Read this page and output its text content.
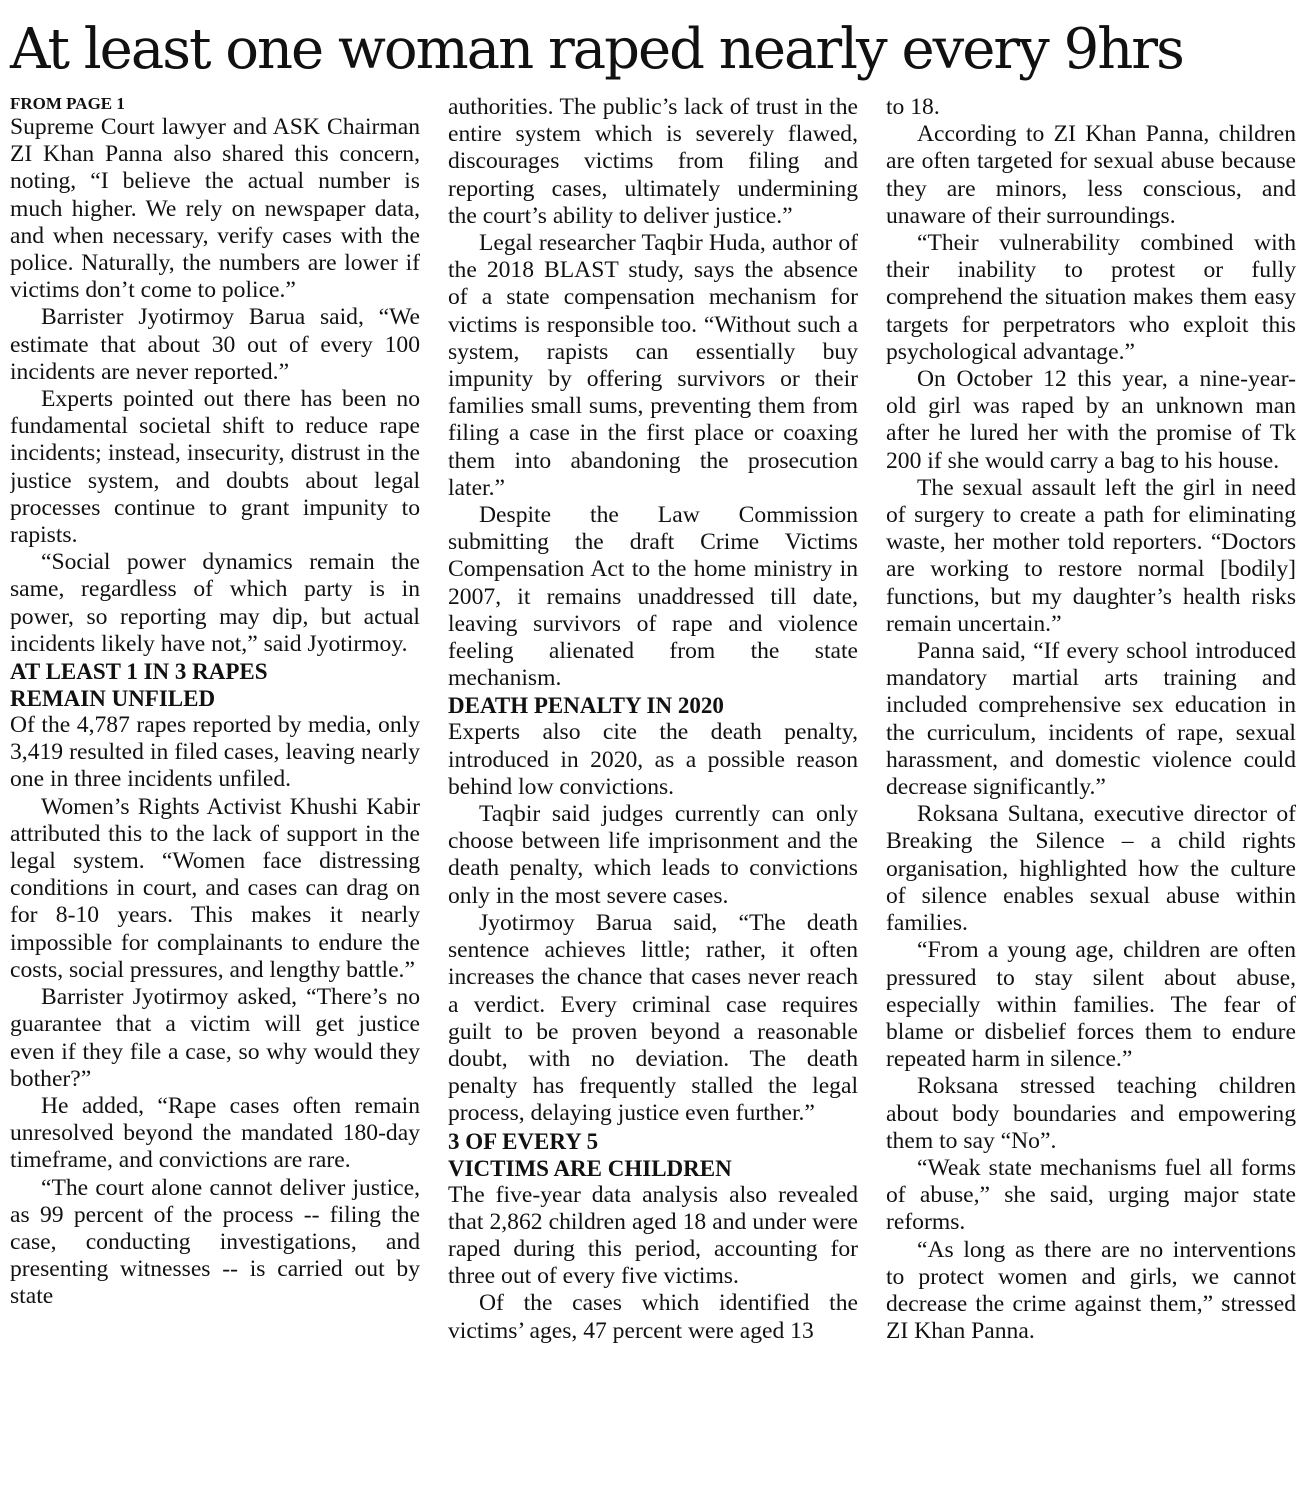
At least one woman raped nearly every 9hrs
FROM PAGE 1

Supreme Court lawyer and ASK Chairman ZI Khan Panna also shared this concern, noting, “I believe the actual number is much higher. We rely on newspaper data, and when necessary, verify cases with the police. Naturally, the numbers are lower if victims don’t come to police.”

Barrister Jyotirmoy Barua said, “We estimate that about 30 out of every 100 incidents are never reported.”

Experts pointed out there has been no fundamental societal shift to reduce rape incidents; instead, insecurity, distrust in the justice system, and doubts about legal processes continue to grant impunity to rapists.

“Social power dynamics remain the same, regardless of which party is in power, so reporting may dip, but actual incidents likely have not,” said Jyotirmoy.

AT LEAST 1 IN 3 RAPES
REMAIN UNFILED

Of the 4,787 rapes reported by media, only 3,419 resulted in filed cases, leaving nearly one in three incidents unfiled.

Women’s Rights Activist Khushi Kabir attributed this to the lack of support in the legal system. “Women face distressing conditions in court, and cases can drag on for 8-10 years. This makes it nearly impossible for complainants to endure the costs, social pressures, and lengthy battle.”

Barrister Jyotirmoy asked, “There’s no guarantee that a victim will get justice even if they file a case, so why would they bother?”

He added, “Rape cases often remain unresolved beyond the mandated 180-day timeframe, and convictions are rare.

“The court alone cannot deliver justice, as 99 percent of the process -- filing the case, conducting investigations, and presenting witnesses -- is carried out by state

authorities. The public’s lack of trust in the entire system which is severely flawed, discourages victims from filing and reporting cases, ultimately undermining the court’s ability to deliver justice.”

Legal researcher Taqbir Huda, author of the 2018 BLAST study, says the absence of a state compensation mechanism for victims is responsible too. “Without such a system, rapists can essentially buy impunity by offering survivors or their families small sums, preventing them from filing a case in the first place or coaxing them into abandoning the prosecution later.”

Despite the Law Commission submitting the draft Crime Victims Compensation Act to the home ministry in 2007, it remains unaddressed till date, leaving survivors of rape and violence feeling alienated from the state mechanism.

DEATH PENALTY IN 2020

Experts also cite the death penalty, introduced in 2020, as a possible reason behind low convictions.

Taqbir said judges currently can only choose between life imprisonment and the death penalty, which leads to convictions only in the most severe cases.

Jyotirmoy Barua said, “The death sentence achieves little; rather, it often increases the chance that cases never reach a verdict. Every criminal case requires guilt to be proven beyond a reasonable doubt, with no deviation. The death penalty has frequently stalled the legal process, delaying justice even further.”

3 OF EVERY 5
VICTIMS ARE CHILDREN

The five-year data analysis also revealed that 2,862 children aged 18 and under were raped during this period, accounting for three out of every five victims.

Of the cases which identified the victims’ ages, 47 percent were aged 13

to 18.

According to ZI Khan Panna, children are often targeted for sexual abuse because they are minors, less conscious, and unaware of their surroundings.

“Their vulnerability combined with their inability to protest or fully comprehend the situation makes them easy targets for perpetrators who exploit this psychological advantage.”

On October 12 this year, a nine-year-old girl was raped by an unknown man after he lured her with the promise of Tk 200 if she would carry a bag to his house.

The sexual assault left the girl in need of surgery to create a path for eliminating waste, her mother told reporters. “Doctors are working to restore normal [bodily] functions, but my daughter’s health risks remain uncertain.”

Panna said, “If every school introduced mandatory martial arts training and included comprehensive sex education in the curriculum, incidents of rape, sexual harassment, and domestic violence could decrease significantly.”

Roksana Sultana, executive director of Breaking the Silence – a child rights organisation, highlighted how the culture of silence enables sexual abuse within families.

“From a young age, children are often pressured to stay silent about abuse, especially within families. The fear of blame or disbelief forces them to endure repeated harm in silence.”

Roksana stressed teaching children about body boundaries and empowering them to say “No”.

“Weak state mechanisms fuel all forms of abuse,” she said, urging major state reforms.

“As long as there are no interventions to protect women and girls, we cannot decrease the crime against them,” stressed ZI Khan Panna.
